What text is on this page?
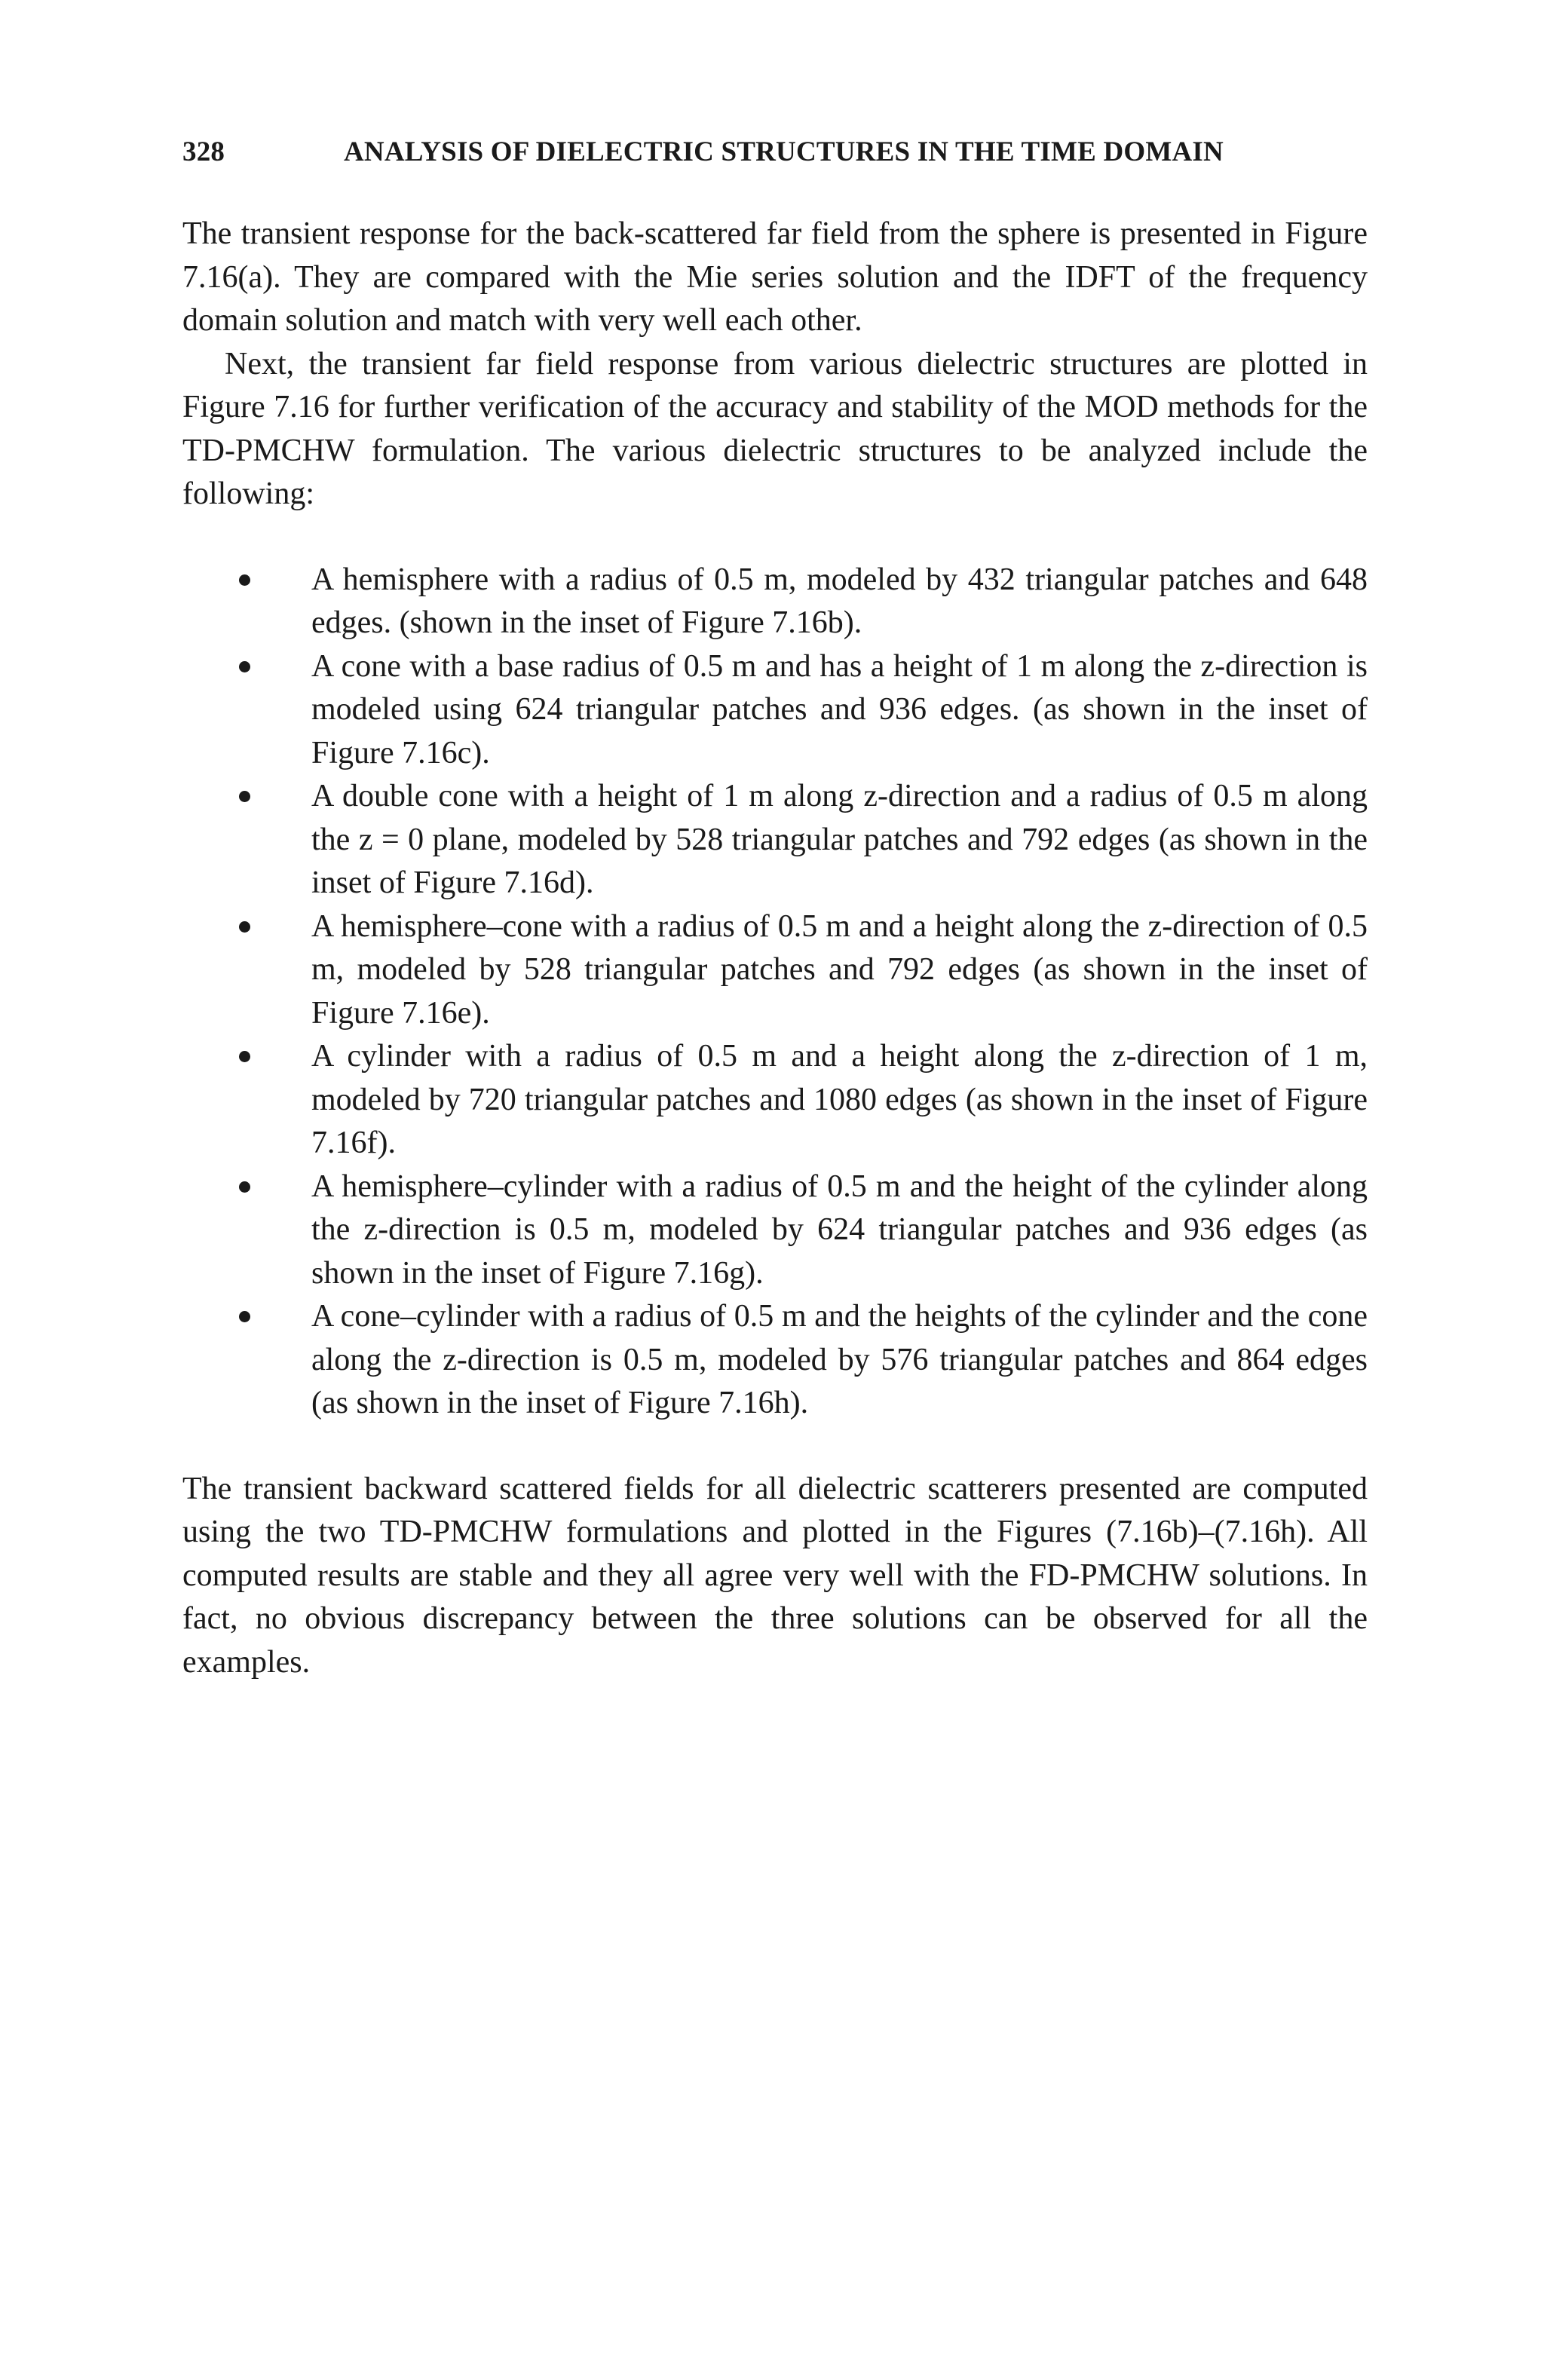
328	ANALYSIS OF DIELECTRIC STRUCTURES IN THE TIME DOMAIN

The transient response for the back-scattered far field from the sphere is presented in Figure 7.16(a). They are compared with the Mie series solution and the IDFT of the frequency domain solution and match with very well each other.

Next, the transient far field response from various dielectric structures are plotted in Figure 7.16 for further verification of the accuracy and stability of the MOD methods for the TD-PMCHW formulation. The various dielectric structures to be analyzed include the following:

A hemisphere with a radius of 0.5 m, modeled by 432 triangular patches and 648 edges. (shown in the inset of Figure 7.16b).
A cone with a base radius of 0.5 m and has a height of 1 m along the z-direction is modeled using 624 triangular patches and 936 edges. (as shown in the inset of Figure 7.16c).
A double cone with a height of 1 m along z-direction and a radius of 0.5 m along the z = 0 plane, modeled by 528 triangular patches and 792 edges (as shown in the inset of Figure 7.16d).
A hemisphere–cone with a radius of 0.5 m and a height along the z-direction of 0.5 m, modeled by 528 triangular patches and 792 edges (as shown in the inset of Figure 7.16e).
A cylinder with a radius of 0.5 m and a height along the z-direction of 1 m, modeled by 720 triangular patches and 1080 edges (as shown in the inset of Figure 7.16f).
A hemisphere–cylinder with a radius of 0.5 m and the height of the cylinder along the z-direction is 0.5 m, modeled by 624 triangular patches and 936 edges (as shown in the inset of Figure 7.16g).
A cone–cylinder with a radius of 0.5 m and the heights of the cylinder and the cone along the z-direction is 0.5 m, modeled by 576 triangular patches and 864 edges (as shown in the inset of Figure 7.16h).

The transient backward scattered fields for all dielectric scatterers presented are computed using the two TD-PMCHW formulations and plotted in the Figures (7.16b)–(7.16h). All computed results are stable and they all agree very well with the FD-PMCHW solutions. In fact, no obvious discrepancy between the three solutions can be observed for all the examples.
